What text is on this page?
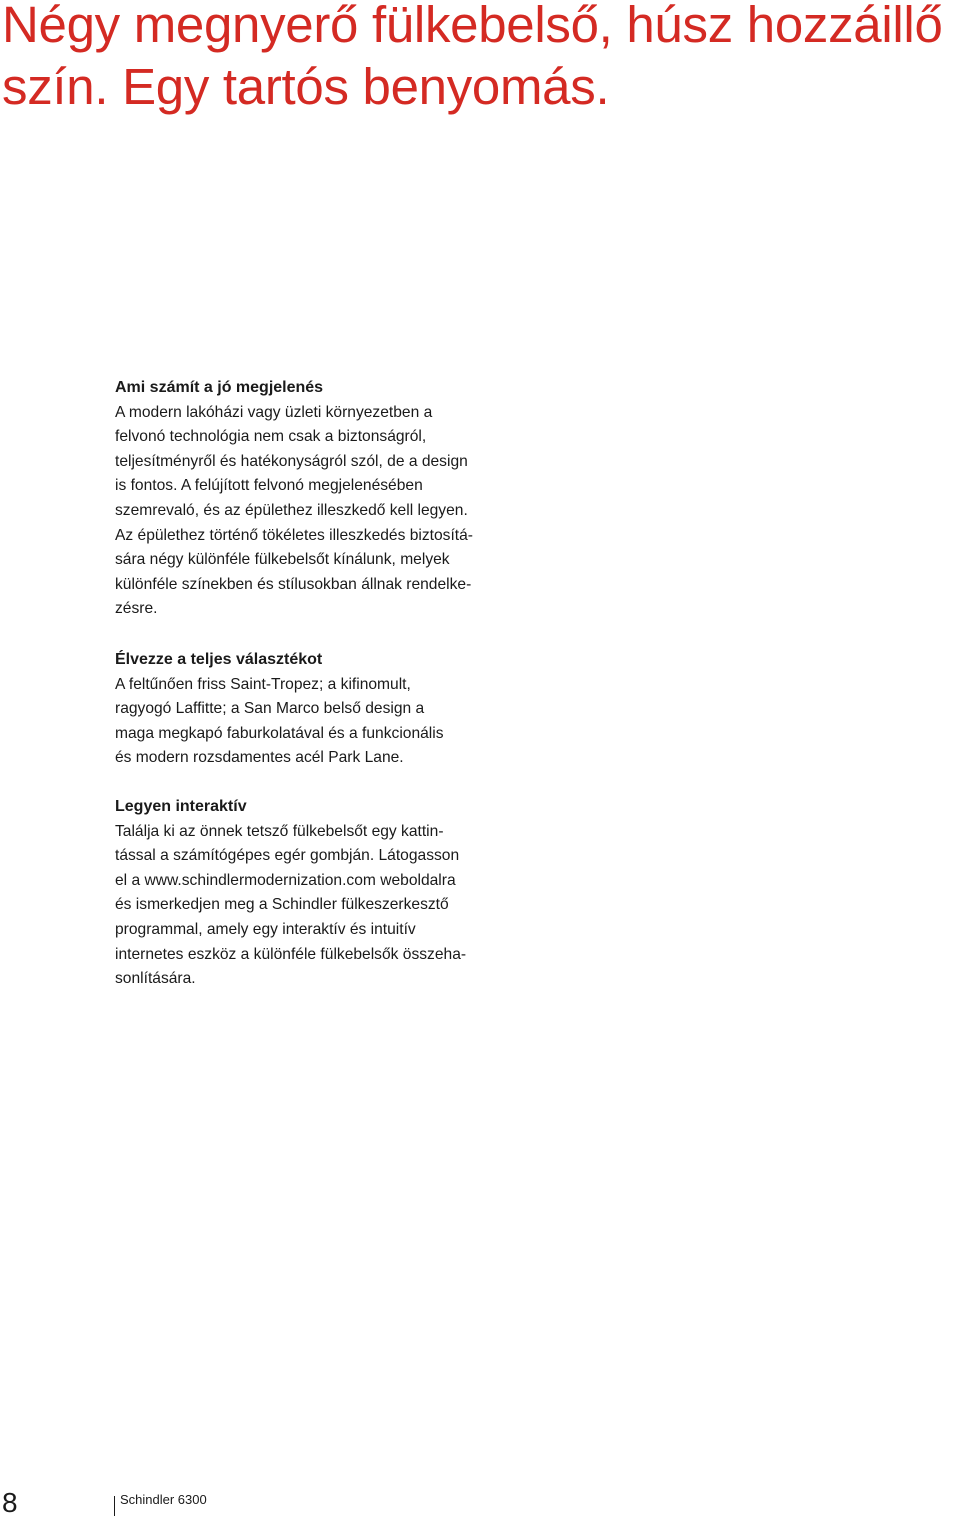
Négy megnyerő fülkebelső, húsz hozzáillő
szín. Egy tartós benyomás.
Ami számít a jó megjelenés
A modern lakóházi vagy üzleti környezetben a
felvonó technológia nem csak a biztonságról,
teljesítményről és hatékonyságról szól, de a design
is fontos. A felújított felvonó megjelenésében
szemrevaló, és az épülethez illeszkedő kell legyen.
Az épülethez történő tökéletes illeszkedés biztosítá-
sára négy különféle fülkebelsőt kínálunk, melyek
különféle színekben és stílusokban állnak rendelke-
zésre.
Élvezze a teljes választékot
A feltűnően friss Saint-Tropez; a kifinomult,
ragyogó Laffitte; a San Marco belső design a
maga megkapó faburkolatával és a funkcionális
és modern rozsdamentes acél Park Lane.
Legyen interaktív
Találja ki az önnek tetsző fülkebelsőt egy kattin-
tással a számítógépes egér gombján. Látogasson
el a www.schindlermodernization.com weboldalra
és ismerkedjen meg a Schindler fülkeszerkesztő
programmal, amely egy interaktív és intuitív
internetes eszköz a különféle fülkebelsők összeha-
sonlítására.
8	Schindler 6300
